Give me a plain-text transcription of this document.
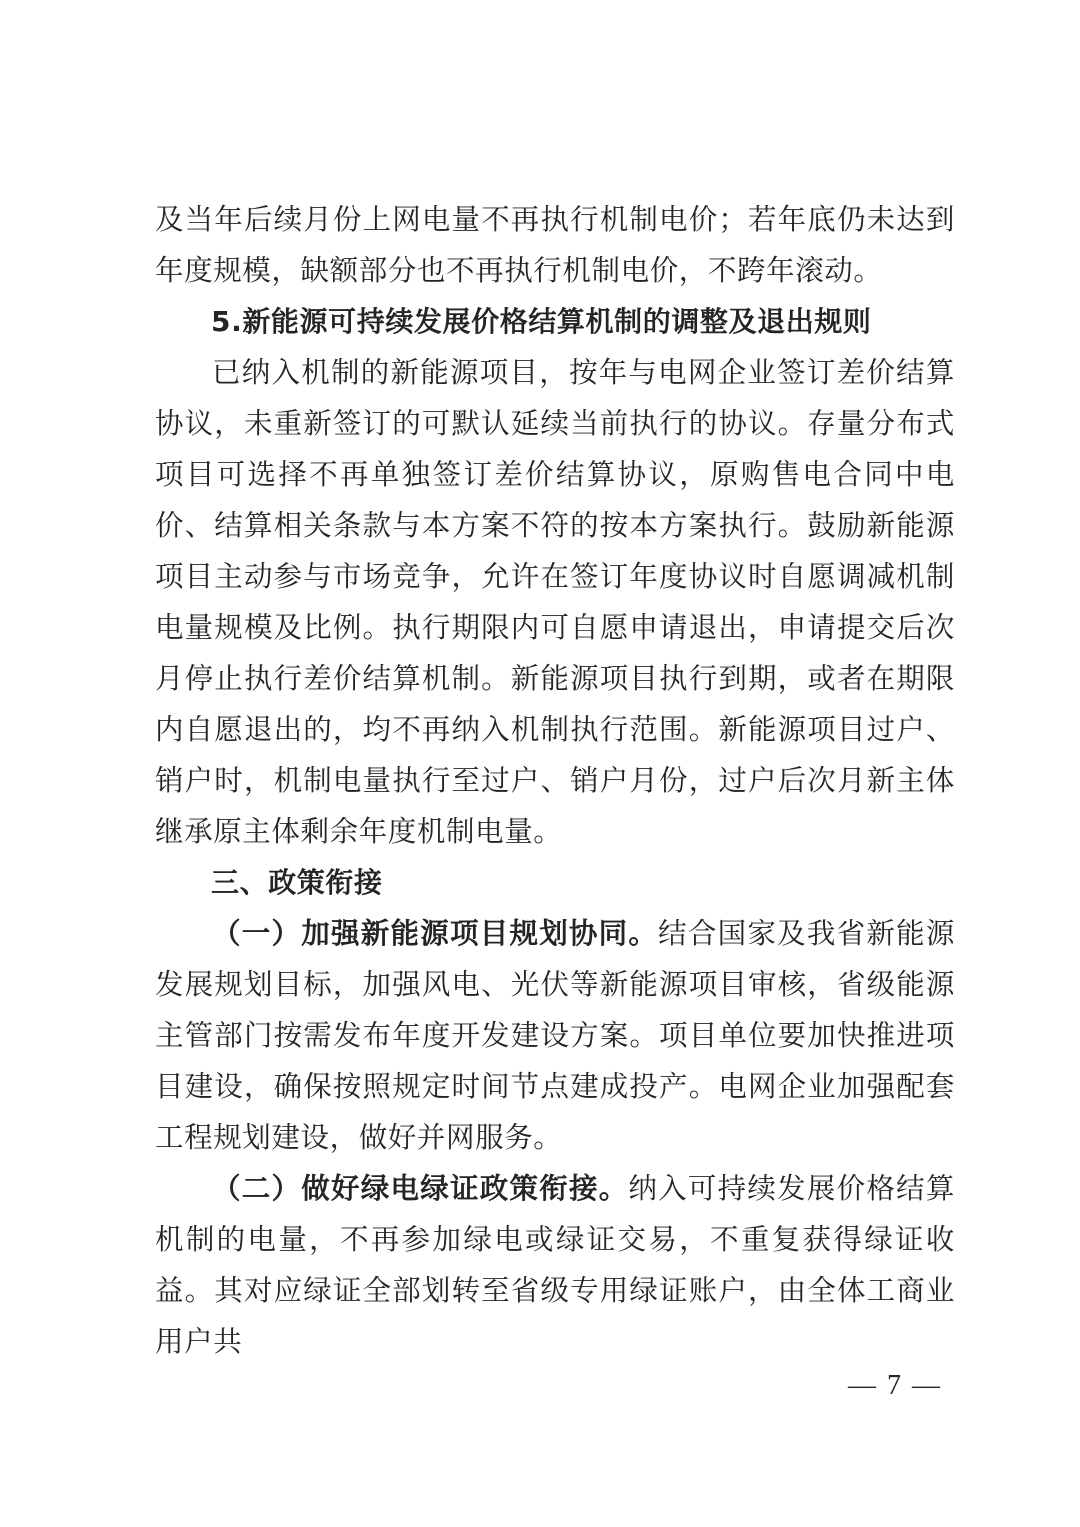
及当年后续月份上网电量不再执行机制电价；若年底仍未达到年度规模，缺额部分也不再执行机制电价，不跨年滚动。

5.新能源可持续发展价格结算机制的调整及退出规则

已纳入机制的新能源项目，按年与电网企业签订差价结算协议，未重新签订的可默认延续当前执行的协议。存量分布式项目可选择不再单独签订差价结算协议，原购售电合同中电价、结算相关条款与本方案不符的按本方案执行。鼓励新能源项目主动参与市场竞争，允许在签订年度协议时自愿调减机制电量规模及比例。执行期限内可自愿申请退出，申请提交后次月停止执行差价结算机制。新能源项目执行到期，或者在期限内自愿退出的，均不再纳入机制执行范围。新能源项目过户、销户时，机制电量执行至过户、销户月份，过户后次月新主体继承原主体剩余年度机制电量。

三、政策衔接

（一）加强新能源项目规划协同。结合国家及我省新能源发展规划目标，加强风电、光伏等新能源项目审核，省级能源主管部门按需发布年度开发建设方案。项目单位要加快推进项目建设，确保按照规定时间节点建成投产。电网企业加强配套工程规划建设，做好并网服务。

（二）做好绿电绿证政策衔接。纳入可持续发展价格结算机制的电量，不再参加绿电或绿证交易，不重复获得绿证收益。其对应绿证全部划转至省级专用绿证账户，由全体工商业用户共

— 7 —
